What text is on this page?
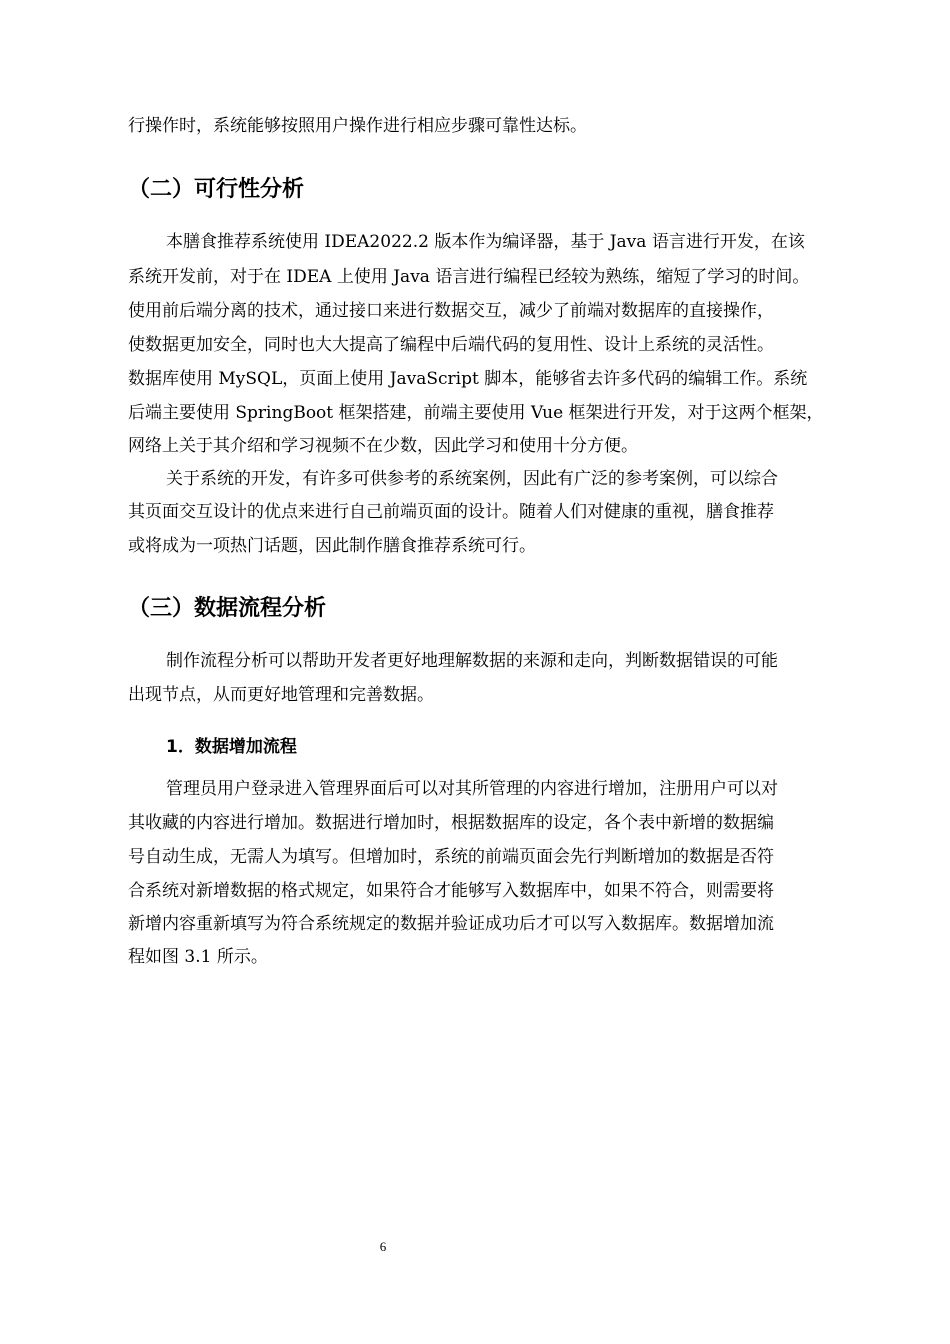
行操作时，系统能够按照用户操作进行相应步骤可靠性达标。

（二）可行性分析

本膳食推荐系统使用 IDEA2022.2 版本作为编译器，基于 Java 语言进行开发，在该

系统开发前，对于在 IDEA 上使用 Java 语言进行编程已经较为熟练，缩短了学习的时间。

使用前后端分离的技术，通过接口来进行数据交互，减少了前端对数据库的直接操作，

使数据更加安全，同时也大大提高了编程中后端代码的复用性、设计上系统的灵活性。

数据库使用 MySQL，页面上使用 JavaScript 脚本，能够省去许多代码的编辑工作。系统

后端主要使用 SpringBoot 框架搭建，前端主要使用 Vue 框架进行开发，对于这两个框架，

网络上关于其介绍和学习视频不在少数，因此学习和使用十分方便。

关于系统的开发，有许多可供参考的系统案例，因此有广泛的参考案例，可以综合

其页面交互设计的优点来进行自己前端页面的设计。随着人们对健康的重视，膳食推荐

或将成为一项热门话题，因此制作膳食推荐系统可行。

（三）数据流程分析

制作流程分析可以帮助开发者更好地理解数据的来源和走向，判断数据错误的可能

出现节点，从而更好地管理和完善数据。

1．数据增加流程

管理员用户登录进入管理界面后可以对其所管理的内容进行增加，注册用户可以对

其收藏的内容进行增加。数据进行增加时，根据数据库的设定，各个表中新增的数据编

号自动生成，无需人为填写。但增加时，系统的前端页面会先行判断增加的数据是否符

合系统对新增数据的格式规定，如果符合才能够写入数据库中，如果不符合，则需要将

新增内容重新填写为符合系统规定的数据并验证成功后才可以写入数据库。数据增加流

程如图 3.1 所示。

6
